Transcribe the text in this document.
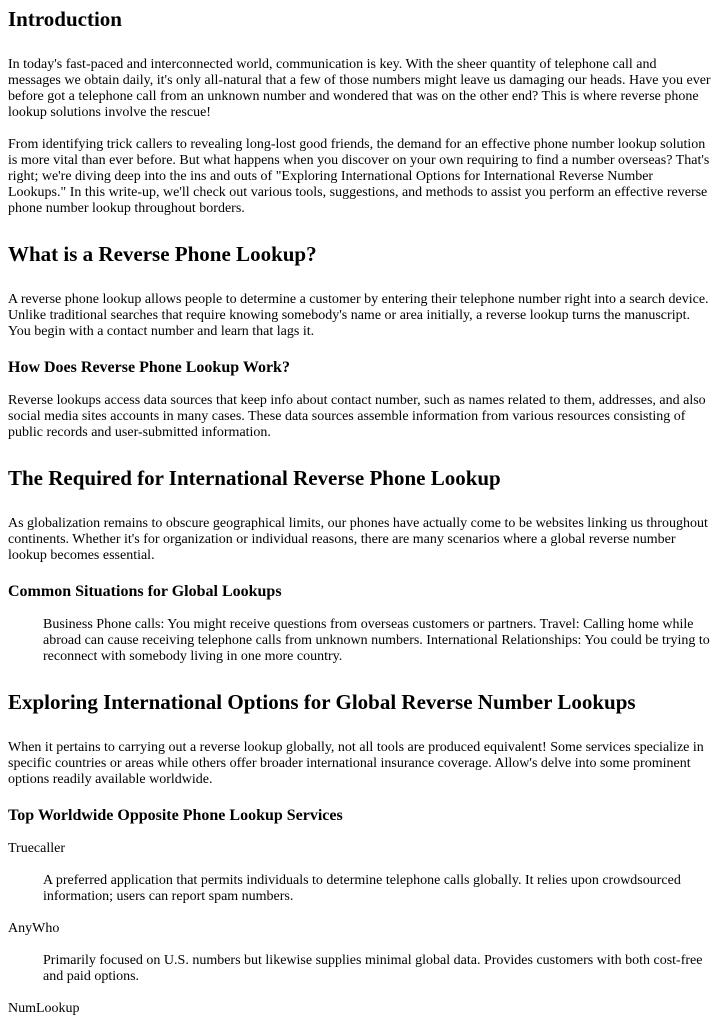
Introduction

In today's fast-paced and interconnected world, communication is key. With the sheer quantity of telephone call and messages we obtain daily, it's only all-natural that a few of those numbers might leave us damaging our heads. Have you ever before got a telephone call from an unknown number and wondered that was on the other end? This is where reverse phone lookup solutions involve the rescue!

From identifying trick callers to revealing long-lost good friends, the demand for an effective phone number lookup solution is more vital than ever before. But what happens when you discover on your own requiring to find a number overseas? That's right; we're diving deep into the ins and outs of "Exploring International Options for International Reverse Number Lookups." In this write-up, we'll check out various tools, suggestions, and methods to assist you perform an effective reverse phone number lookup throughout borders.

What is a Reverse Phone Lookup?

A reverse phone lookup allows people to determine a customer by entering their telephone number right into a search device. Unlike traditional searches that require knowing somebody's name or area initially, a reverse lookup turns the manuscript. You begin with a contact number and learn that lags it.

How Does Reverse Phone Lookup Work?

Reverse lookups access data sources that keep info about contact number, such as names related to them, addresses, and also social media sites accounts in many cases. These data sources assemble information from various resources consisting of public records and user-submitted information.

The Required for International Reverse Phone Lookup

As globalization remains to obscure geographical limits, our phones have actually come to be websites linking us throughout continents. Whether it's for organization or individual reasons, there are many scenarios where a global reverse number lookup becomes essential.

Common Situations for Global Lookups
Business Phone calls: You might receive questions from overseas customers or partners. Travel: Calling home while abroad can cause receiving telephone calls from unknown numbers. International Relationships: You could be trying to reconnect with somebody living in one more country.
Exploring International Options for Global Reverse Number Lookups

When it pertains to carrying out a reverse lookup globally, not all tools are produced equivalent! Some services specialize in specific countries or areas while others offer broader international insurance coverage. Allow's delve into some prominent options readily available worldwide.

Top Worldwide Opposite Phone Lookup Services

Truecaller

A preferred application that permits individuals to determine telephone calls globally. It relies upon crowdsourced information; users can report spam numbers.

AnyWho

Primarily focused on U.S. numbers but likewise supplies minimal global data. Provides customers with both cost-free and paid options.

NumLookup
